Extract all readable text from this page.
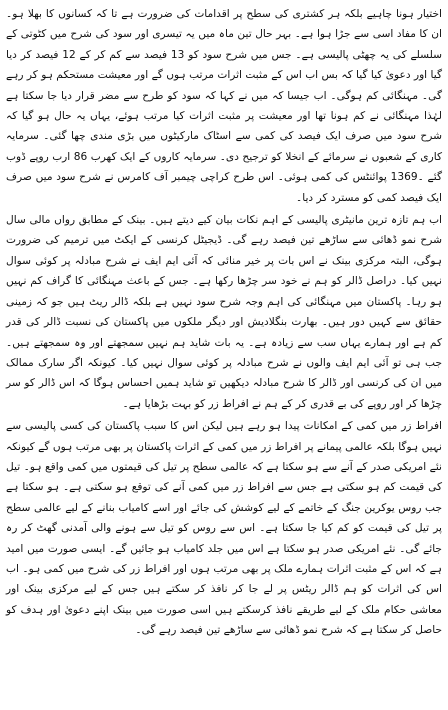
اختیار ہونا چاہیے بلکہ ہر کشتری کی سطح پر اقدامات کی ضرورت ہے تا کہ کسانوں کا بھلا ہو۔ ان کا مفاد اسی سے جڑا ہوا ہے۔ بہر حال تین ماہ میں یہ تیسری اور سود کی شرح میں کٹوتی کے سلسلے کی یہ چھٹی پالیسی ہے۔ جس میں شرح سود کو 13 فیصد سے کم کر کے 12 فیصد کر دیا گیا اور دعویٰ کیا گیا کہ بس اب اس کے مثبت اثرات مرتب ہوں گے اور معیشت مستحکم ہو کر رہے گی۔ مہنگائی کم ہوگی۔ اب جیسا کہ میں نے کہا کہ سود کو طرح سے مضر قرار دیا جا سکتا ہے لہٰذا مہنگائی نے کم ہونا تھا اور معیشت پر مثبت اثرات کیا مرتب ہوئے، یہاں یہ حال ہو گیا کہ شرح سود میں صرف ایک فیصد کی کمی سے اسٹاک مارکیٹوں میں بڑی مندی چھا گئی۔ سرمایہ کاری کے شعبوں نے سرمائے کے انخلا کو ترجیح دی۔ سرمایہ کاروں کے ایک کھرب 86 ارب روپے ڈوب گئے ۔1369 پوائنٹس کی کمی ہوئی۔ اس طرح کراچی چیمبر آف کامرس نے شرح سود میں صرف ایک فیصد کمی کو مسترد کر دیا۔

اب ہم تازہ ترین مانیٹری پالیسی کے اہم نکات بیان کیے دیتے ہیں۔ بینک کے مطابق رواں مالی سال شرح نمو ڈھائی سے ساڑھے تین فیصد رہے گی۔ ڈیجیٹل کرنسی کے ایکٹ میں ترمیم کی ضرورت ہوگی، البتہ مرکزی بینک نے اس بات پر خیر منائی کہ آئی ایم ایف نے شرح مبادلہ پر کوئی سوال نہیں کیا۔ دراصل ڈالر کو ہم نے خود سر چڑھا رکھا ہے۔ جس کے باعث مہنگائی کا گراف کم نہیں ہو رہا۔ پاکستان میں مہنگائی کی اہم وجہ شرح سود نہیں ہے بلکہ ڈالر ریٹ ہیں جو کہ زمینی حقائق سے کہیں دور ہیں۔ بھارت بنگلادیش اور دیگر ملکوں میں پاکستان کی نسبت ڈالر کی قدر کم ہے اور ہمارے یہاں سب سے زیادہ ہے۔ یہ بات شاید ہم نہیں سمجھتے اور وہ سمجھتے ہیں۔ جب ہی تو آئی ایم ایف والوں نے شرح مبادلہ پر کوئی سوال نہیں کیا۔ کیونکہ اگر سارک ممالک میں ان کی کرنسی اور ڈالر کا شرح مبادلہ دیکھیں تو شاید ہمیں احساس ہوگا کہ اس ڈالر کو سر چڑھا کر اور روپے کی بے قدری کر کے ہم نے افراط زر کو بہت بڑھایا ہے۔

افراط زر میں کمی کے امکانات پیدا ہو رہے ہیں لیکن اس کا سبب پاکستان کی کسی پالیسی سے نہیں ہوگا بلکہ عالمی پیمانے پر افراط زر میں کمی کے اثرات پاکستان پر بھی مرتب ہوں گے کیونکہ نئے امریکی صدر کے آنے سے ہو سکتا ہے کہ عالمی سطح پر تیل کی قیمتوں میں کمی واقع ہو۔ تیل کی قیمت کم ہو سکتی ہے جس سے افراط زر میں کمی آنے کی توقع ہو سکتی ہے۔ ہو سکتا ہے جب روس یوکرین جنگ کے خاتمے کے لیے کوشش کی جائے اور اسے کامیاب بنانے کے لیے عالمی سطح پر تیل کی قیمت کو کم کیا جا سکتا ہے۔ اس سے روس کو تیل سے ہونے والی آمدنی گھٹ کر رہ جائے گی۔ نئے امریکی صدر ہو سکتا ہے اس میں جلد کامیاب ہو جائیں گے۔ ایسی صورت میں امید ہے کہ اس کے مثبت اثرات ہمارے ملک پر بھی مرتب ہوں اور افراط زر کی شرح میں کمی ہو۔ اب اس کی اثرات کو ہم ڈالر ریٹس پر لے جا کر نافذ کر سکتے ہیں جس کے لیے مرکزی بینک اور معاشی حکام ملک کے لیے طریقے نافذ کرسکتے ہیں اسی صورت میں بینک اپنے دعویٰ اور ہدف کو حاصل کر سکتا ہے کہ شرح نمو ڈھائی سے ساڑھے تین فیصد رہے گی۔
